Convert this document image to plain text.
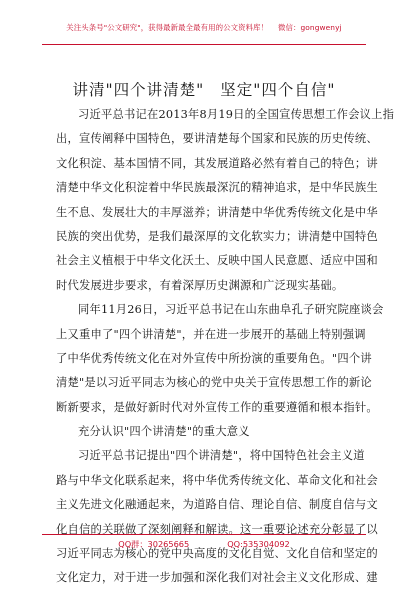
关注头条号"公文研究"，获得最新最全最有用的公文资料库！ 微信：gongwenyj
讲清"四个讲清楚" 坚定"四个自信"
习近平总书记在2013年8月19日的全国宣传思想工作会议上指
出，宣传阐释中国特色，要讲清楚每个国家和民族的历史传统、
文化积淀、基本国情不同，其发展道路必然有着自己的特色；讲
清楚中华文化积淀着中华民族最深沉的精神追求，是中华民族生
生不息、发展壮大的丰厚滋养；讲清楚中华优秀传统文化是中华
民族的突出优势，是我们最深厚的文化软实力；讲清楚中国特色
社会主义植根于中华文化沃土、反映中国人民意愿、适应中国和
时代发展进步要求，有着深厚历史渊源和广泛现实基础。
同年11月26日，习近平总书记在山东曲阜孔子研究院座谈会
上又重申了"四个讲清楚"，并在进一步展开的基础上特别强调
了中华优秀传统文化在对外宣传中所扮演的重要角色。"四个讲
清楚"是以习近平同志为核心的党中央关于宣传思想工作的新论
断新要求，是做好新时代对外宣传工作的重要遵循和根本指针。
充分认识"四个讲清楚"的重大意义
习近平总书记提出"四个讲清楚"，将中国特色社会主义道
路与中华文化联系起来，将中华优秀传统文化、革命文化和社会
主义先进文化融通起来，为道路自信、理论自信、制度自信与文
化自信的关联做了深刻阐释和解读。这一重要论述充分彰显了以
习近平同志为核心的党中央高度的文化自觉、文化自信和坚定的
文化定力，对于进一步加强和深化我们对社会主义文化形成、建
QQ群：30265665	QQ:535304092
